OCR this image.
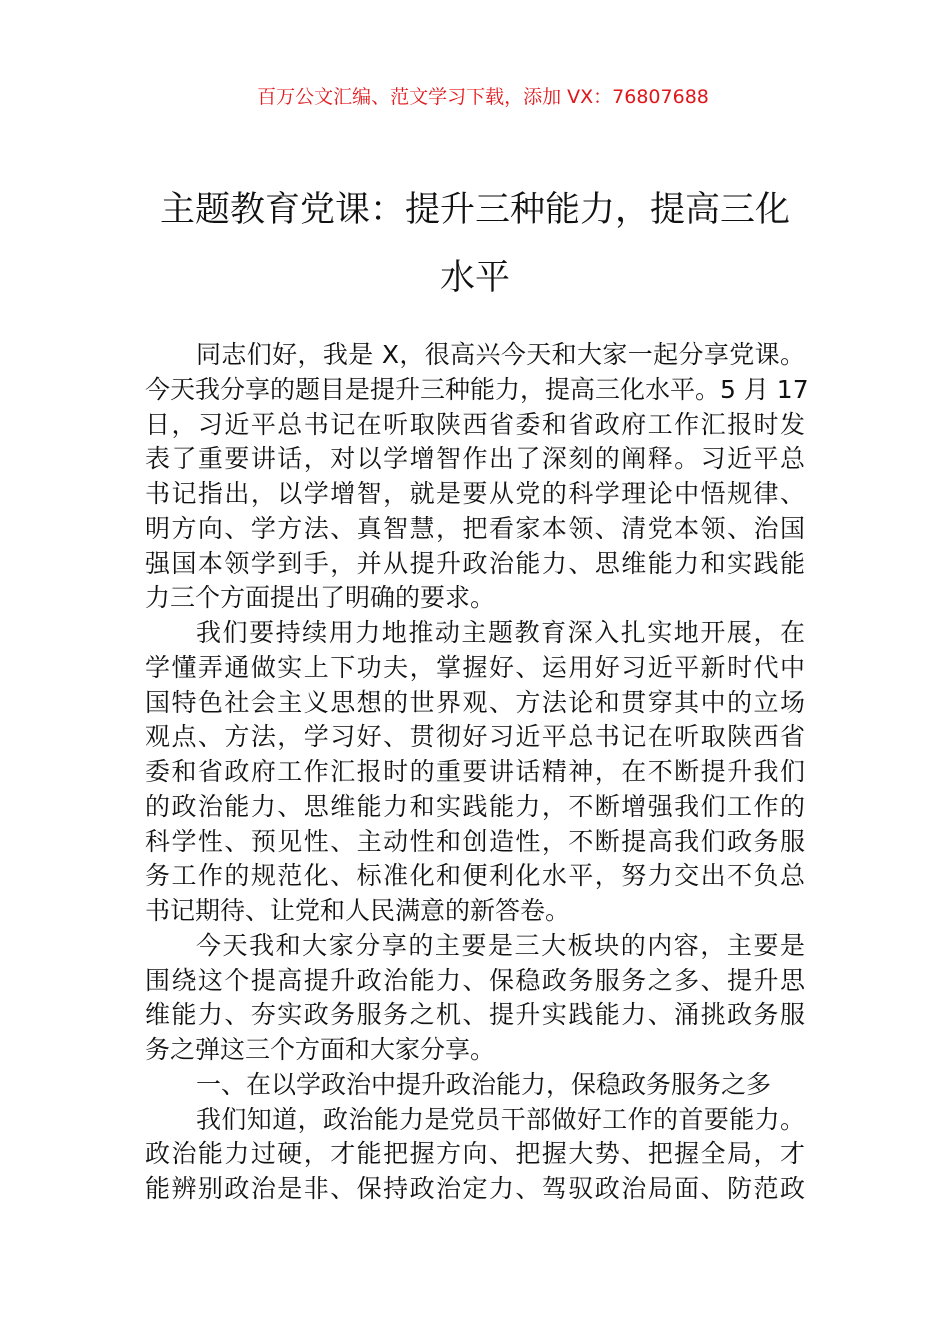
百万公文汇编、范文学习下载，添加 VX：76807688
主题教育党课：提升三种能力，提高三化
水平
同志们好，我是 X，很高兴今天和大家一起分享党课。
今天我分享的题目是提升三种能力，提高三化水平。5 月 17
日，习近平总书记在听取陕西省委和省政府工作汇报时发
表了重要讲话，对以学增智作出了深刻的阐释。习近平总
书记指出，以学增智，就是要从党的科学理论中悟规律、
明方向、学方法、真智慧，把看家本领、清党本领、治国
强国本领学到手，并从提升政治能力、思维能力和实践能
力三个方面提出了明确的要求。
我们要持续用力地推动主题教育深入扎实地开展，在
学懂弄通做实上下功夫，掌握好、运用好习近平新时代中
国特色社会主义思想的世界观、方法论和贯穿其中的立场
观点、方法，学习好、贯彻好习近平总书记在听取陕西省
委和省政府工作汇报时的重要讲话精神，在不断提升我们
的政治能力、思维能力和实践能力，不断增强我们工作的
科学性、预见性、主动性和创造性，不断提高我们政务服
务工作的规范化、标准化和便利化水平，努力交出不负总
书记期待、让党和人民满意的新答卷。
今天我和大家分享的主要是三大板块的内容，主要是
围绕这个提高提升政治能力、保稳政务服务之多、提升思
维能力、夯实政务服务之机、提升实践能力、涌挑政务服
务之弹这三个方面和大家分享。
一、在以学政治中提升政治能力，保稳政务服务之多
我们知道，政治能力是党员干部做好工作的首要能力。
政治能力过硬，才能把握方向、把握大势、把握全局，才
能辨别政治是非、保持政治定力、驾驭政治局面、防范政
